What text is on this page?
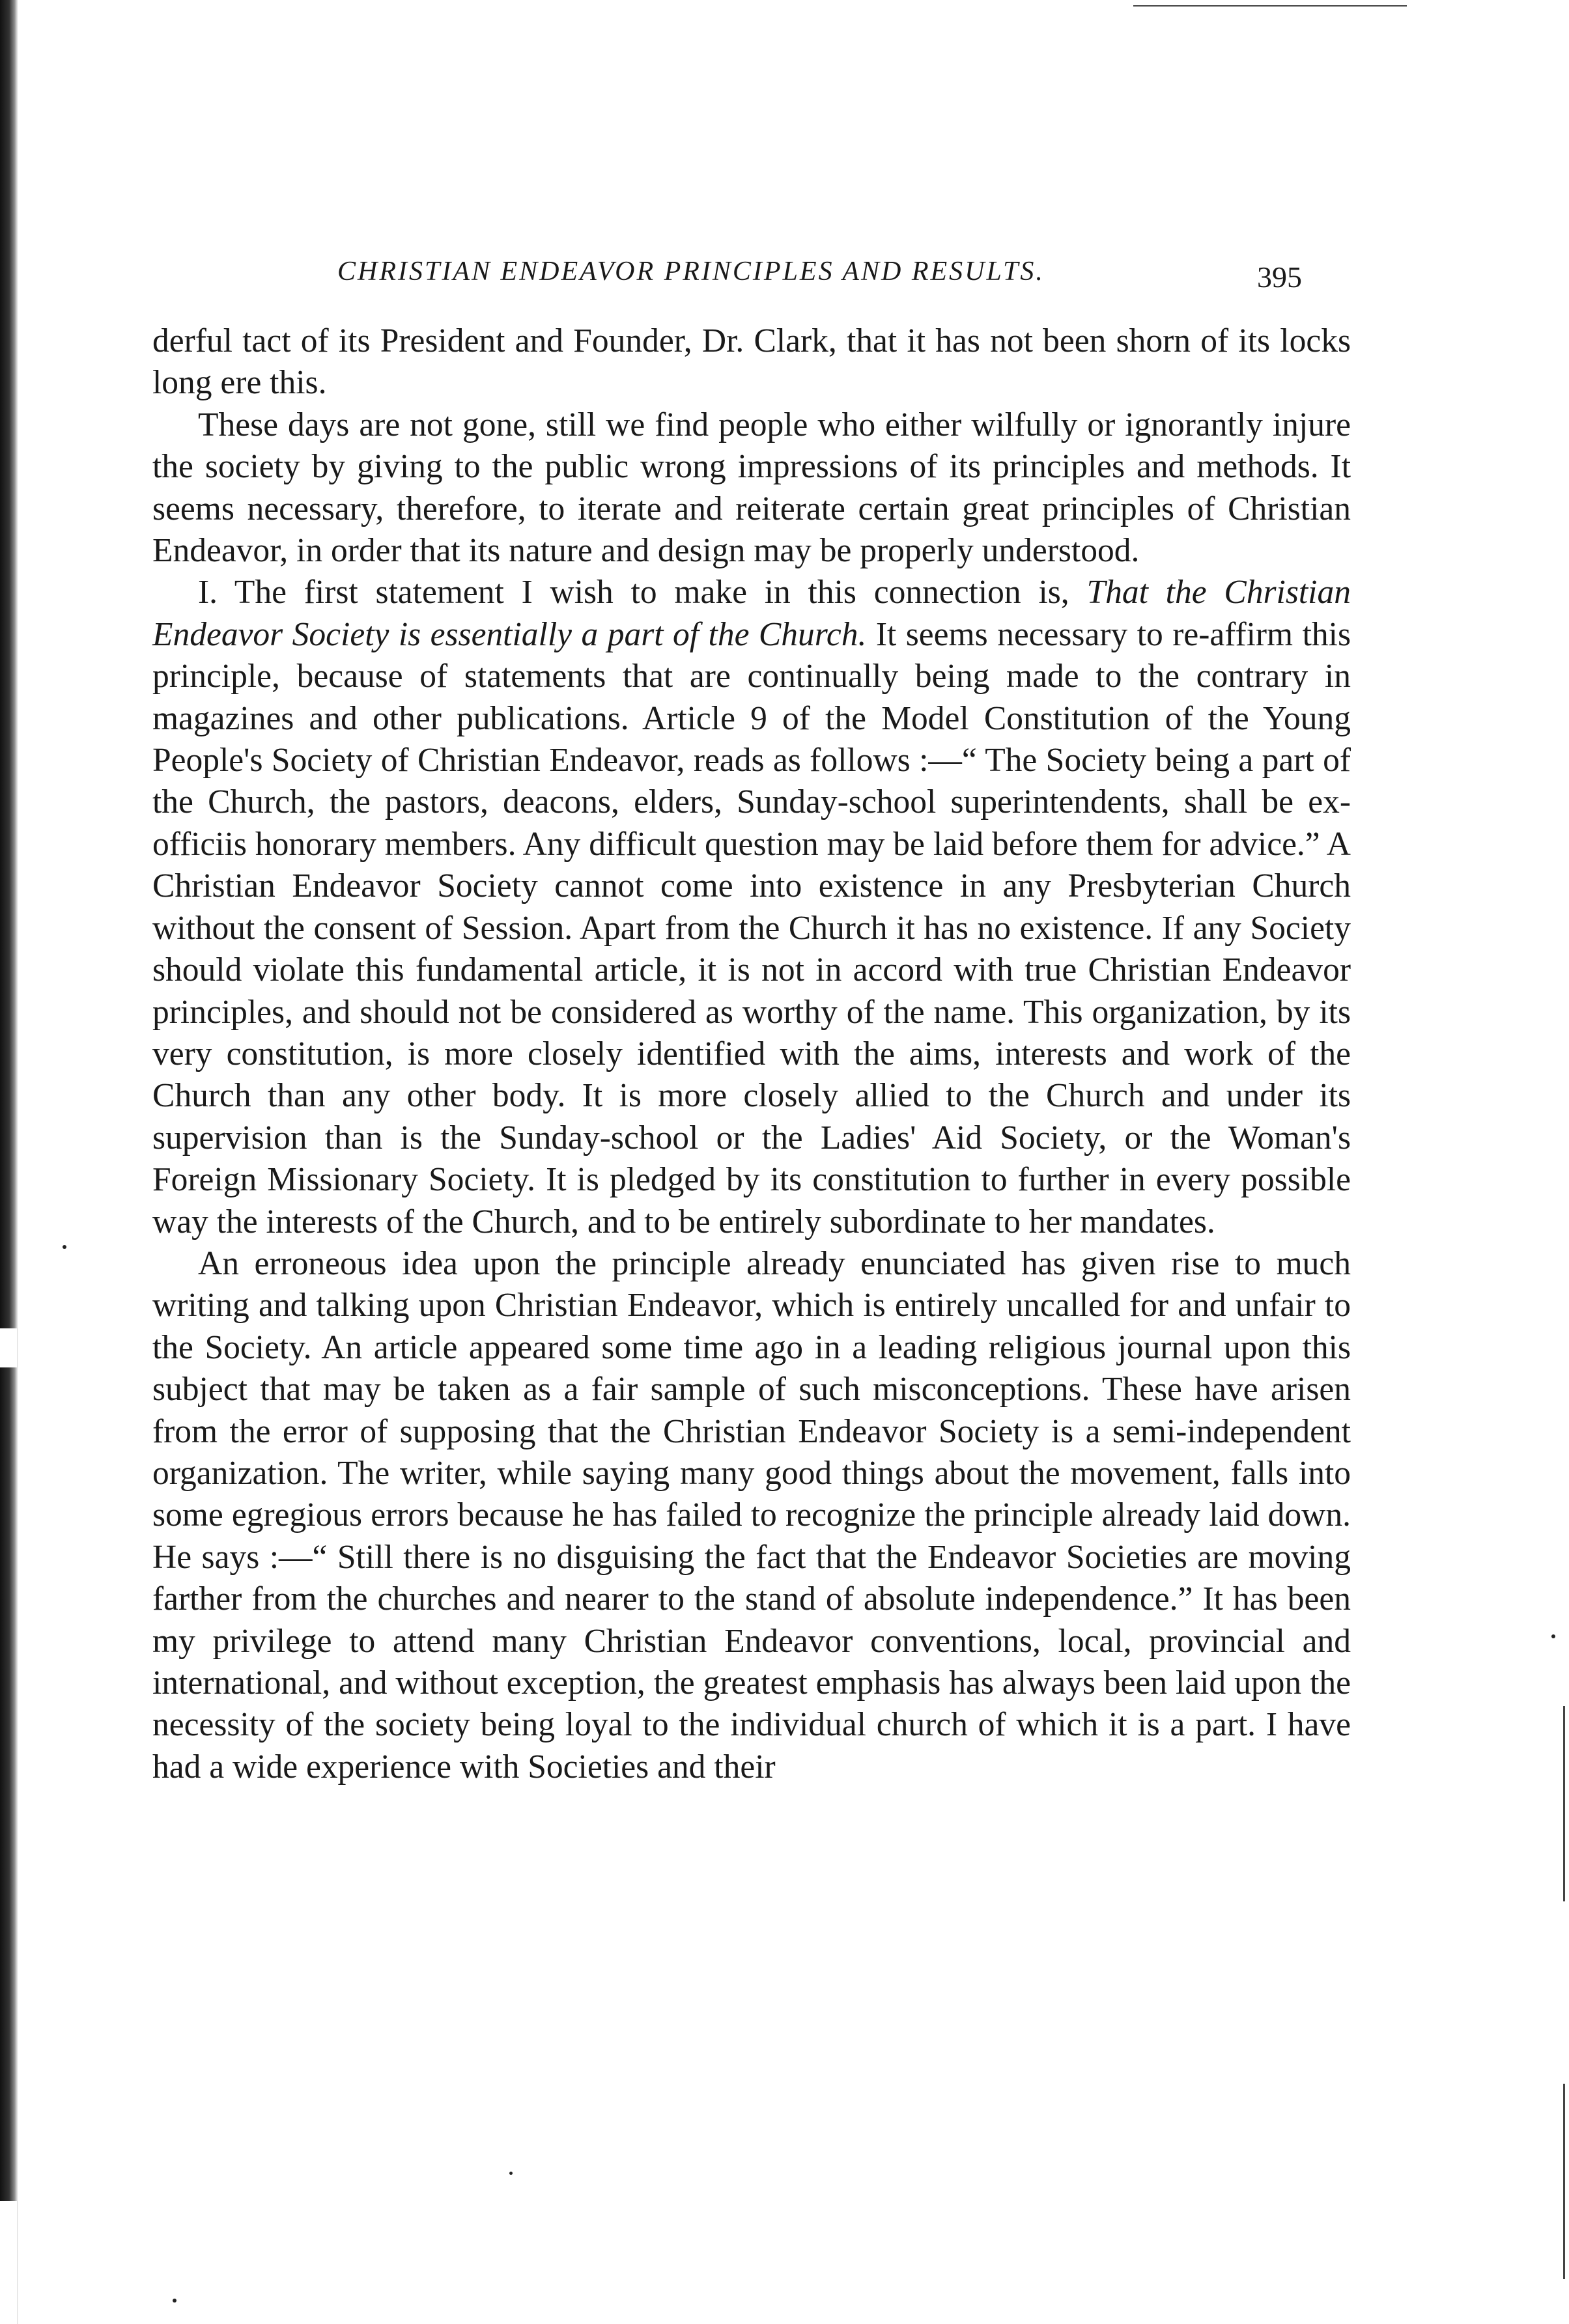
CHRISTIAN ENDEAVOR PRINCIPLES AND RESULTS.	395

derful tact of its President and Founder, Dr. Clark, that it has not been shorn of its locks long ere this.

These days are not gone, still we find people who either wilfully or ignorantly injure the society by giving to the public wrong impressions of its principles and methods. It seems necessary, therefore, to iterate and reiterate certain great principles of Christian Endeavor, in order that its nature and design may be properly understood.

I. The first statement I wish to make in this connection is, That the Christian Endeavor Society is essentially a part of the Church. It seems necessary to re-affirm this principle, because of statements that are continually being made to the contrary in magazines and other publications. Article 9 of the Model Constitution of the Young People's Society of Christian Endeavor, reads as follows :—“ The Society being a part of the Church, the pastors, deacons, elders, Sunday-school superintendents, shall be ex-officiis honorary members. Any difficult question may be laid before them for advice.” A Christian Endeavor Society cannot come into existence in any Presbyterian Church without the consent of Session. Apart from the Church it has no existence. If any Society should violate this fundamental article, it is not in accord with true Christian Endeavor principles, and should not be considered as worthy of the name. This organization, by its very constitution, is more closely identified with the aims, interests and work of the Church than any other body. It is more closely allied to the Church and under its supervision than is the Sunday-school or the Ladies' Aid Society, or the Woman's Foreign Missionary Society. It is pledged by its constitution to further in every possible way the interests of the Church, and to be entirely subordinate to her mandates.

An erroneous idea upon the principle already enunciated has given rise to much writing and talking upon Christian Endeavor, which is entirely uncalled for and unfair to the Society. An article appeared some time ago in a leading religious journal upon this subject that may be taken as a fair sample of such misconceptions. These have arisen from the error of supposing that the Christian Endeavor Society is a semi-independent organization. The writer, while saying many good things about the movement, falls into some egregious errors because he has failed to recognize the principle already laid down. He says :—“ Still there is no disguising the fact that the Endeavor Societies are moving farther from the churches and nearer to the stand of absolute independence.” It has been my privilege to attend many Christian Endeavor conventions, local, provincial and international, and without exception, the greatest emphasis has always been laid upon the necessity of the society being loyal to the individual church of which it is a part. I have had a wide experience with Societies and their
